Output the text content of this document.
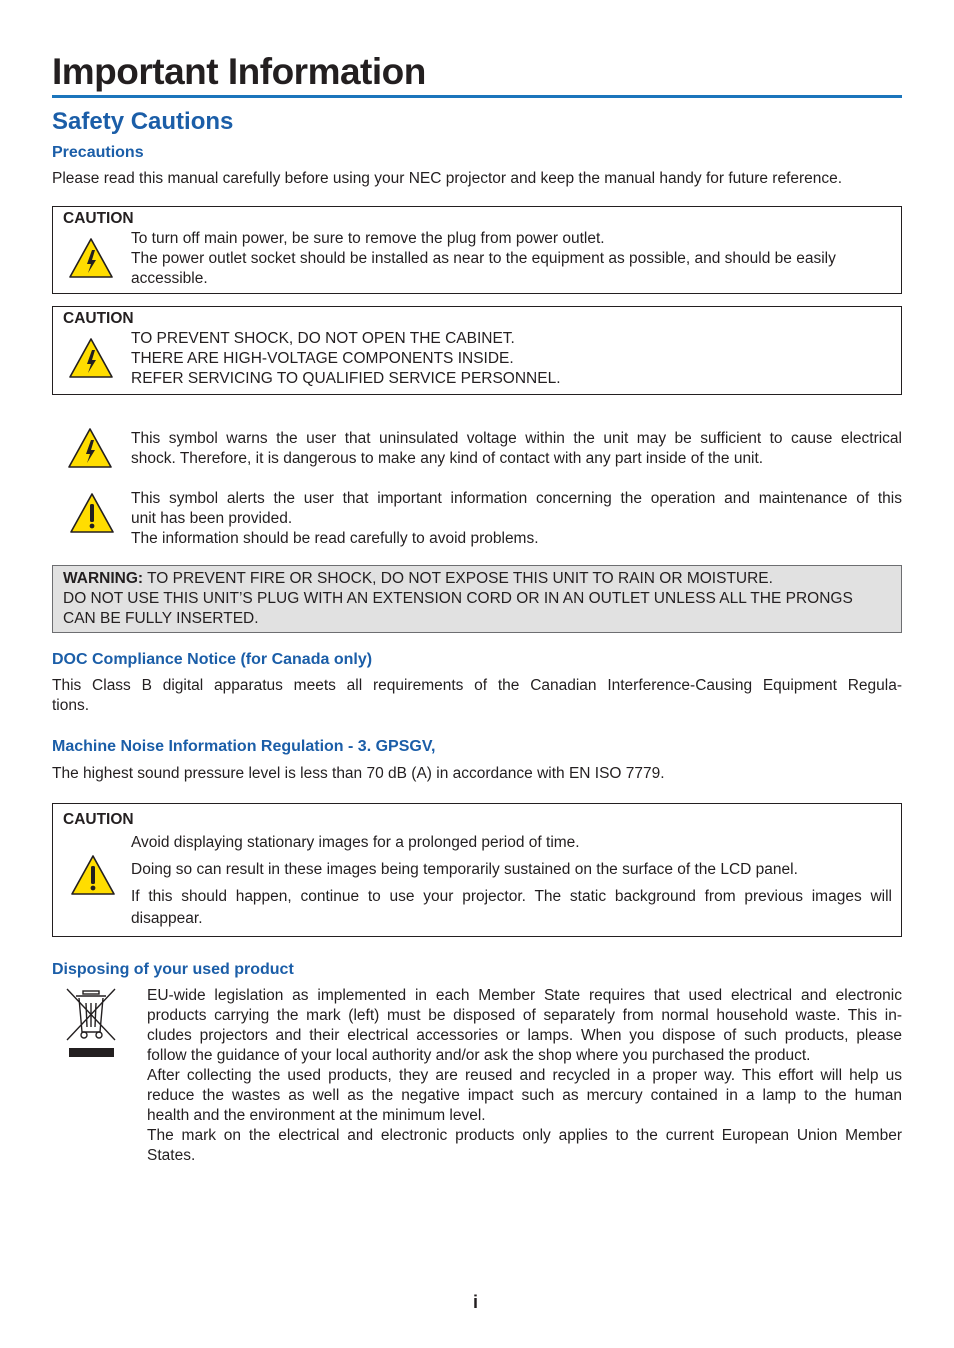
Important Information
Safety Cautions
Precautions
Please read this manual carefully before using your NEC projector and keep the manual handy for future reference.
CAUTION
To turn off main power, be sure to remove the plug from power outlet.
The power outlet socket should be installed as near to the equipment as possible, and should be easily
accessible.
CAUTION
TO PREVENT SHOCK, DO NOT OPEN THE CABINET.
THERE ARE HIGH-VOLTAGE COMPONENTS INSIDE.
REFER SERVICING TO QUALIFIED SERVICE PERSONNEL.
This symbol warns the user that uninsulated voltage within the unit may be sufficient to cause electrical
shock. Therefore, it is dangerous to make any kind of contact with any part inside of the unit.
This symbol alerts the user that important information concerning the operation and maintenance of this
unit has been provided.
The information should be read carefully to avoid problems.
WARNING: TO PREVENT FIRE OR SHOCK, DO NOT EXPOSE THIS UNIT TO RAIN OR MOISTURE.
DO NOT USE THIS UNIT’S PLUG WITH AN EXTENSION CORD OR IN AN OUTLET UNLESS ALL THE PRONGS
CAN BE FULLY INSERTED.
DOC Compliance Notice (for Canada only)
This Class B digital apparatus meets all requirements of the Canadian Interference-Causing Equipment Regula-
tions.
Machine Noise Information Regulation - 3. GPSGV,
The highest sound pressure level is less than 70 dB (A) in accordance with EN ISO 7779.
CAUTION
Avoid displaying stationary images for a prolonged period of time.
Doing so can result in these images being temporarily sustained on the surface of the LCD panel.
If this should happen, continue to use your projector. The static background from previous images will
disappear.
Disposing of your used product
EU-wide legislation as implemented in each Member State requires that used electrical and electronic
products carrying the mark (left) must be disposed of separately from normal household waste. This in-
cludes projectors and their electrical accessories or lamps. When you dispose of such products, please
follow the guidance of your local authority and/or ask the shop where you purchased the product.
After collecting the used products, they are reused and recycled in a proper way. This effort will help us
reduce the wastes as well as the negative impact such as mercury contained in a lamp to the human
health and the environment at the minimum level.
The mark on the electrical and electronic products only applies to the current European Union Member
States.
i
